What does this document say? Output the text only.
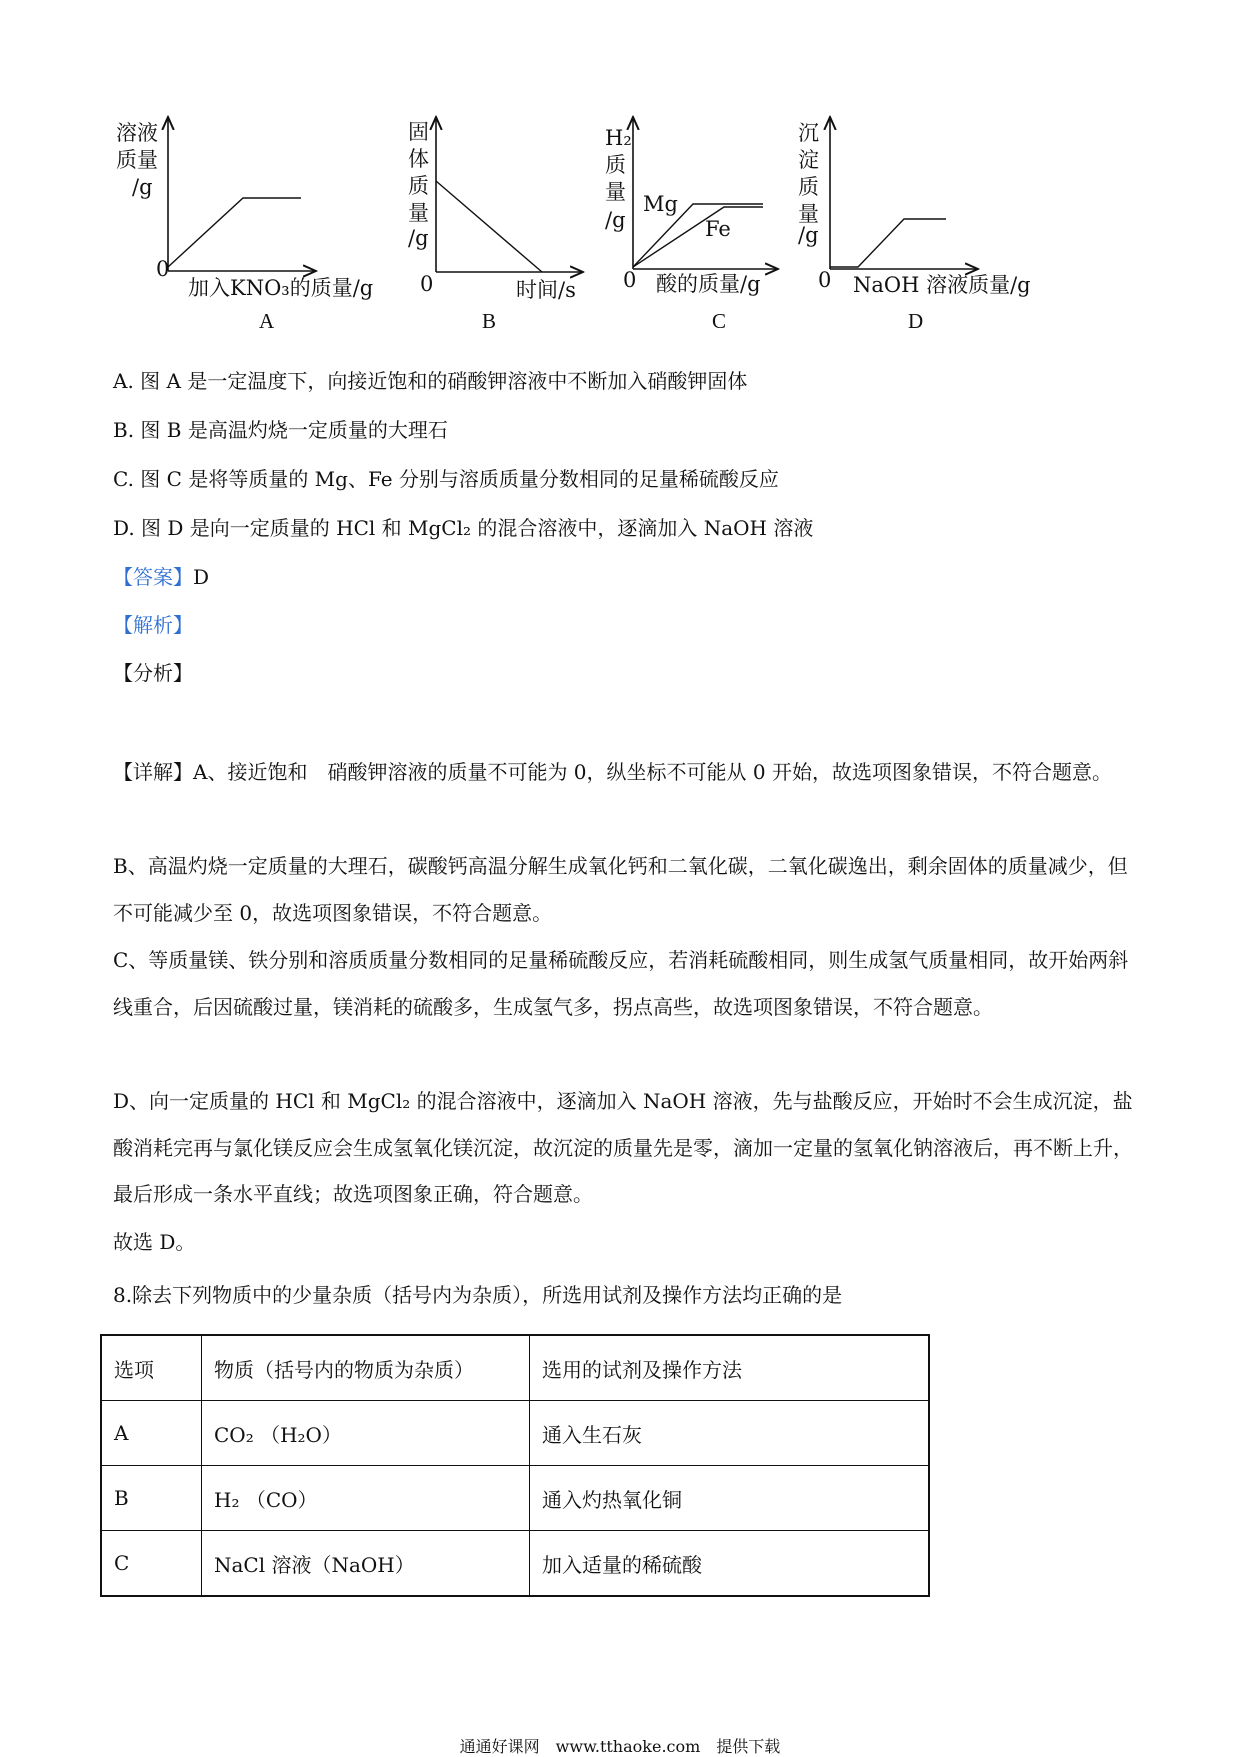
溶液
质量
/g
0
加入KNO₃的质量/g
A
固
体
质
量
/g
0	时间/s
B
H₂
质
量
/g
Mg
Fe
0 酸的质量/g
C
沉
淀
质
量
/g
0 NaOH 溶液质量/g
D
A. 图 A 是一定温度下，向接近饱和的硝酸钾溶液中不断加入硝酸钾固体
B. 图 B 是高温灼烧一定质量的大理石
C. 图 C 是将等质量的 Mg、Fe 分别与溶质质量分数相同的足量稀硫酸反应
D. 图 D 是向一定质量的 HCl 和 MgCl₂ 的混合溶液中，逐滴加入 NaOH 溶液
【答案】D
【解析】
【分析】
【详解】A、接近饱和　硝酸钾溶液的质量不可能为 0，纵坐标不可能从 0 开始，故选项图象错误，不符合题意。
B、高温灼烧一定质量的大理石，碳酸钙高温分解生成氧化钙和二氧化碳，二氧化碳逸出，剩余固体的质量减少，但不可能减少至 0，故选项图象错误，不符合题意。
C、等质量镁、铁分别和溶质质量分数相同的足量稀硫酸反应，若消耗硫酸相同，则生成氢气质量相同，故开始两斜线重合，后因硫酸过量，镁消耗的硫酸多，生成氢气多，拐点高些，故选项图象错误，不符合题意。
D、向一定质量的 HCl 和 MgCl₂ 的混合溶液中，逐滴加入 NaOH 溶液，先与盐酸反应，开始时不会生成沉淀，盐酸消耗完再与氯化镁反应会生成氢氧化镁沉淀，故沉淀的质量先是零，滴加一定量的氢氧化钠溶液后，再不断上升，最后形成一条水平直线；故选项图象正确，符合题意。
故选 D。
8.除去下列物质中的少量杂质（括号内为杂质），所选用试剂及操作方法均正确的是
选项	物质（括号内的物质为杂质）	选用的试剂及操作方法
A	CO₂ （H₂O）	通入生石灰
B	H₂ （CO）	通入灼热氧化铜
C	NaCl 溶液（NaOH）	加入适量的稀硫酸
通通好课网　www.tthaoke.com　提供下载
